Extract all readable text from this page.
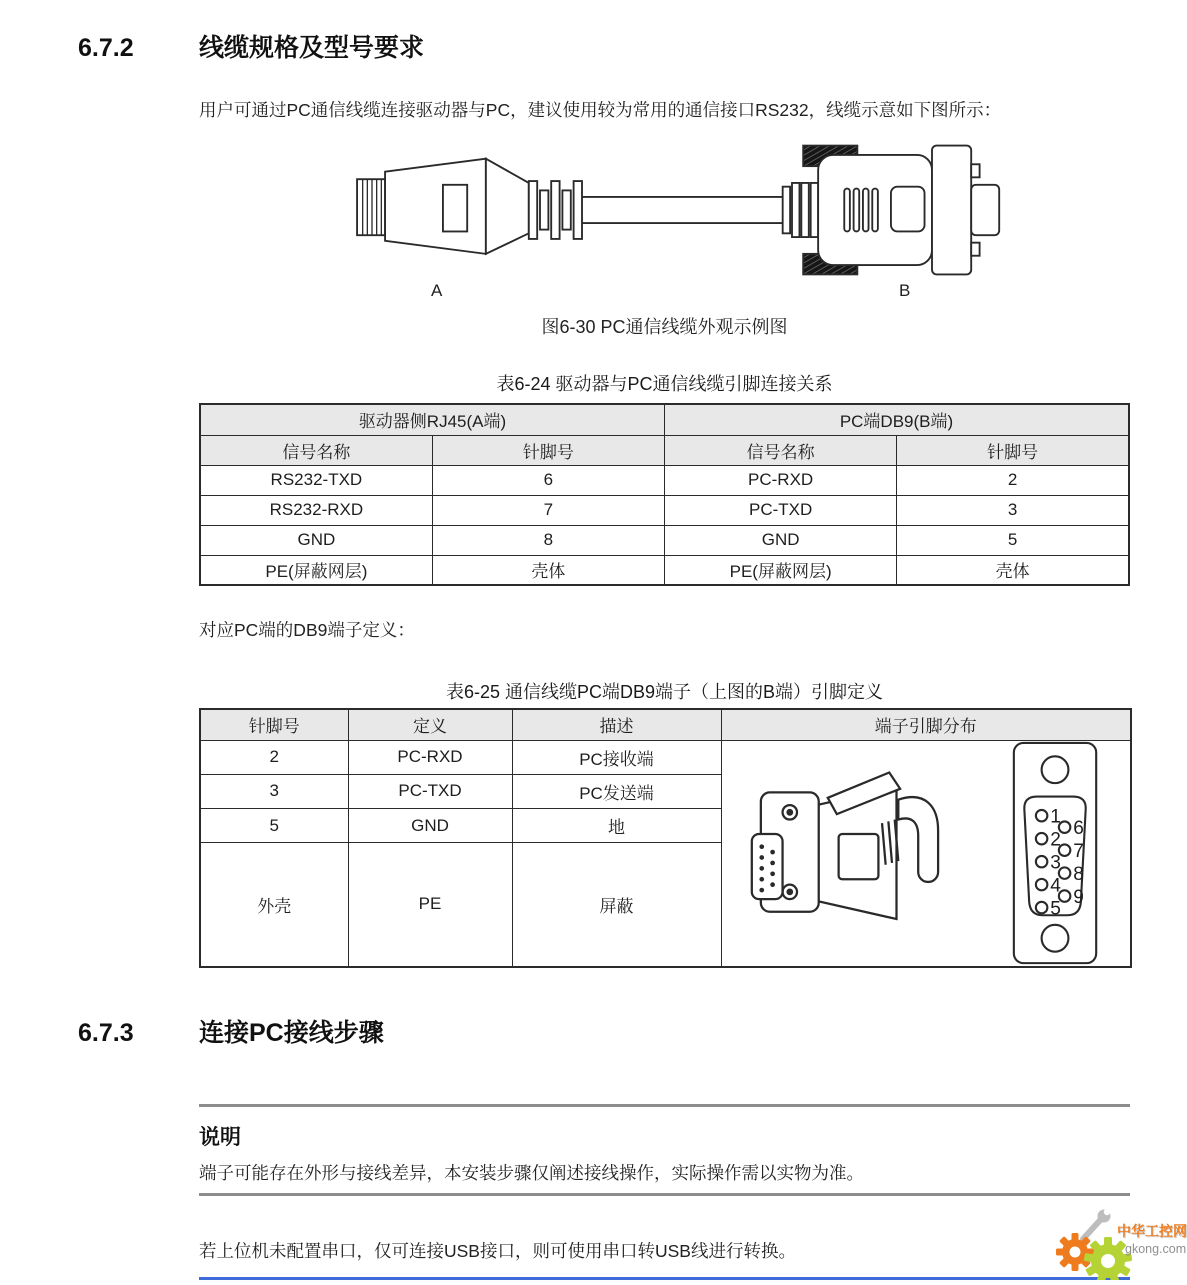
6.7.2	线缆规格及型号要求
用户可通过PC通信线缆连接驱动器与PC，建议使用较为常用的通信接口RS232，线缆示意如下图所示：
A	B
图6-30 PC通信线缆外观示例图
表6-24 驱动器与PC通信线缆引脚连接关系
驱动器侧RJ45(A端)		PC端DB9(B端)	
信号名称	针脚号	信号名称	针脚号
RS232-TXD	6	PC-RXD	2
RS232-RXD	7	PC-TXD	3
GND	8	GND	5
PE(屏蔽网层)	壳体	PE(屏蔽网层)	壳体
对应PC端的DB9端子定义：
表6-25 通信线缆PC端DB9端子（上图的B端）引脚定义
针脚号	定义	描述	端子引脚分布
2	PC-RXD	PC接收端	
1
2
3
4
5
6
7
8
9

3	PC-TXD	PC发送端	
5	GND	地	
外壳	PE	屏蔽	
6.7.3	连接PC接线步骤
说明
端子可能存在外形与接线差异，本安装步骤仅阐述接线操作，实际操作需以实物为准。
若上位机未配置串口，仅可连接USB接口，则可使用串口转USB线进行转换。
中华工控网
gkong.com
